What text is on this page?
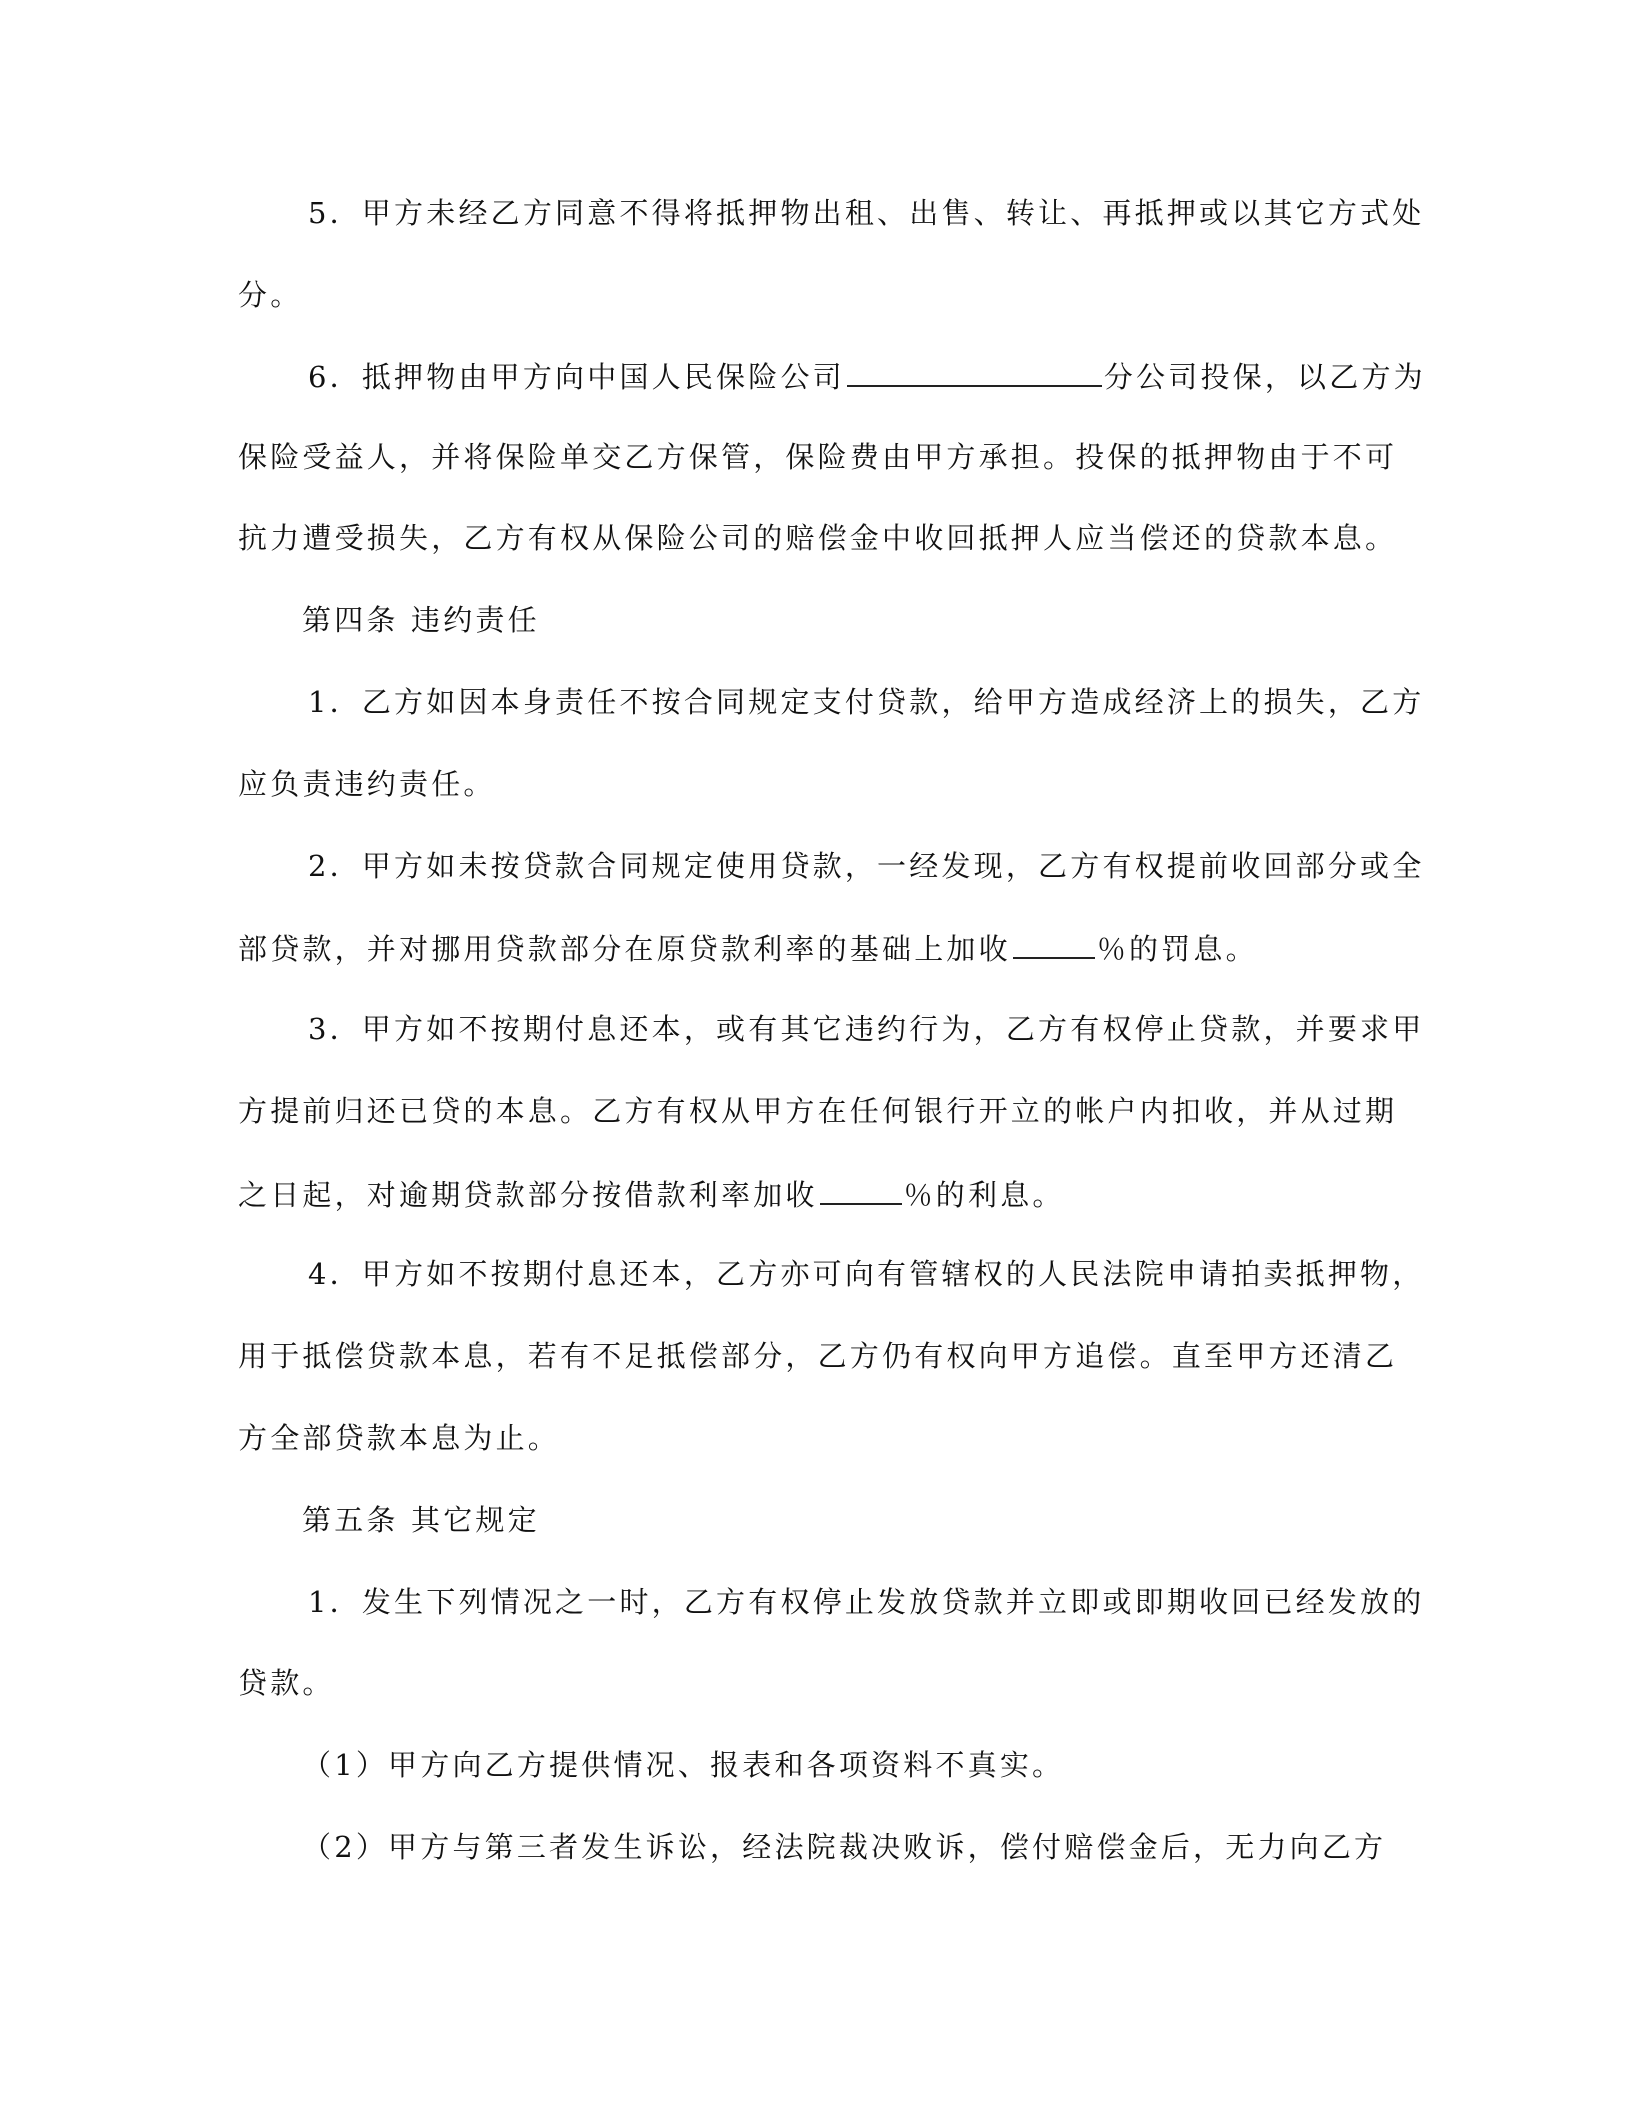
5．甲方未经乙方同意不得将抵押物出租、出售、转让、再抵押或以其它方式处
分。
6．抵押物由甲方向中国人民保险公司	分公司投保，以乙方为
保险受益人，并将保险单交乙方保管，保险费由甲方承担。投保的抵押物由于不可
抗力遭受损失，乙方有权从保险公司的赔偿金中收回抵押人应当偿还的贷款本息。
第四条 违约责任
1．乙方如因本身责任不按合同规定支付贷款，给甲方造成经济上的损失，乙方
应负责违约责任。
2．甲方如未按贷款合同规定使用贷款，一经发现，乙方有权提前收回部分或全
部贷款，并对挪用贷款部分在原贷款利率的基础上加收	％的罚息。
3．甲方如不按期付息还本，或有其它违约行为，乙方有权停止贷款，并要求甲
方提前归还已贷的本息。乙方有权从甲方在任何银行开立的帐户内扣收，并从过期
之日起，对逾期贷款部分按借款利率加收	％的利息。
4．甲方如不按期付息还本，乙方亦可向有管辖权的人民法院申请拍卖抵押物，
用于抵偿贷款本息，若有不足抵偿部分，乙方仍有权向甲方追偿。直至甲方还清乙
方全部贷款本息为止。
第五条 其它规定
1．发生下列情况之一时，乙方有权停止发放贷款并立即或即期收回已经发放的
贷款。
（1）甲方向乙方提供情况、报表和各项资料不真实。
（2）甲方与第三者发生诉讼，经法院裁决败诉，偿付赔偿金后，无力向乙方
